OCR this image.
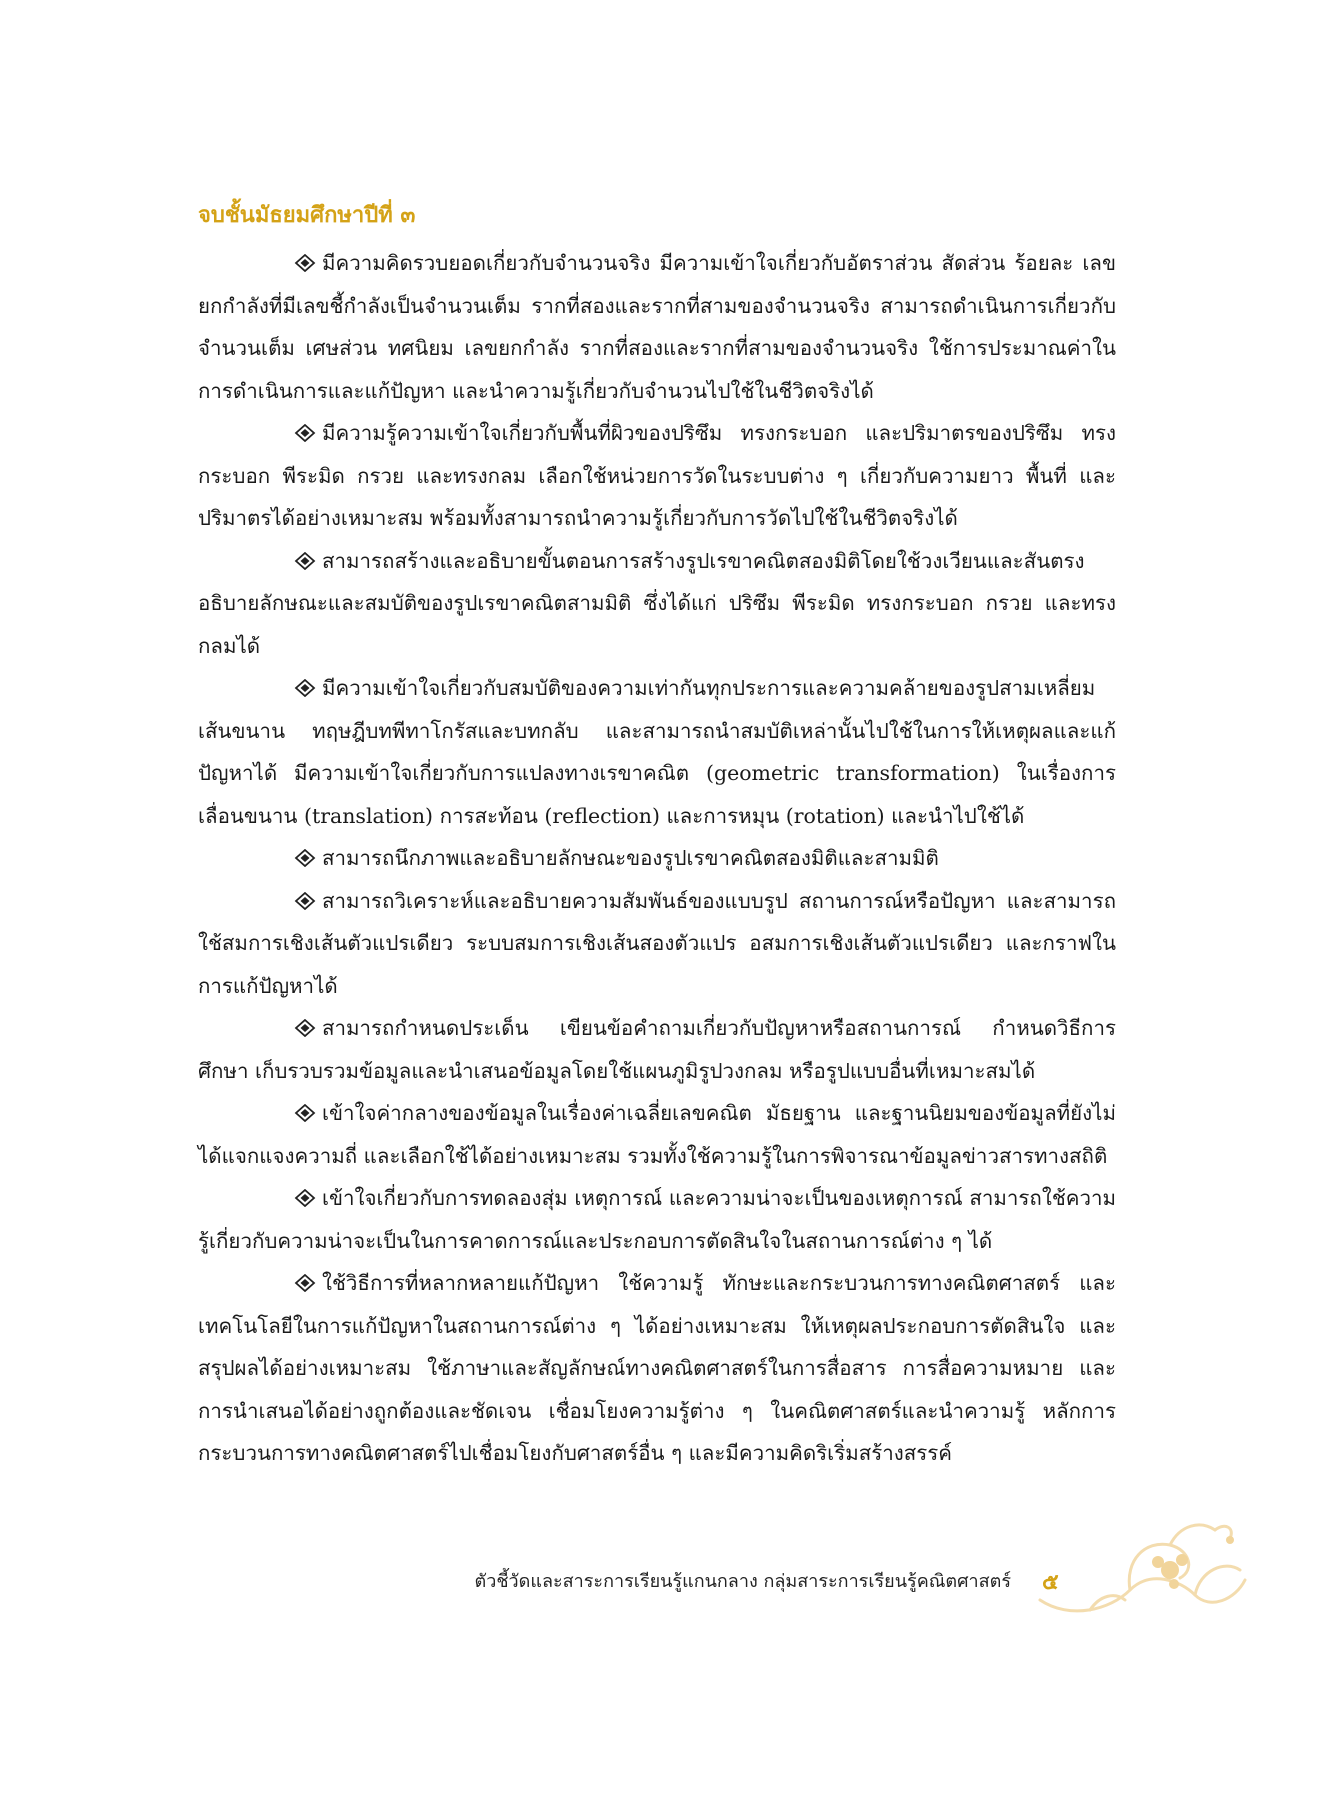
จบชั้นมัธยมศึกษาปีที่ ๓

มีความคิดรวบยอดเกี่ยวกับจำนวนจริง มีความเข้าใจเกี่ยวกับอัตราส่วน สัดส่วน ร้อยละ เลขยกกำลังที่มีเลขชี้กำลังเป็นจำนวนเต็ม รากที่สองและรากที่สามของจำนวนจริง สามารถดำเนินการเกี่ยวกับจำนวนเต็ม เศษส่วน ทศนิยม เลขยกกำลัง รากที่สองและรากที่สามของจำนวนจริง ใช้การประมาณค่าในการดำเนินการและแก้ปัญหา และนำความรู้เกี่ยวกับจำนวนไปใช้ในชีวิตจริงได้

มีความรู้ความเข้าใจเกี่ยวกับพื้นที่ผิวของปริซึม ทรงกระบอก และปริมาตรของปริซึม ทรงกระบอก พีระมิด กรวย และทรงกลม เลือกใช้หน่วยการวัดในระบบต่าง ๆ เกี่ยวกับความยาว พื้นที่ และปริมาตรได้อย่างเหมาะสม พร้อมทั้งสามารถนำความรู้เกี่ยวกับการวัดไปใช้ในชีวิตจริงได้

สามารถสร้างและอธิบายขั้นตอนการสร้างรูปเรขาคณิตสองมิติโดยใช้วงเวียนและสันตรง อธิบายลักษณะและสมบัติของรูปเรขาคณิตสามมิติ ซึ่งได้แก่ ปริซึม พีระมิด ทรงกระบอก กรวย และทรงกลมได้

มีความเข้าใจเกี่ยวกับสมบัติของความเท่ากันทุกประการและความคล้ายของรูปสามเหลี่ยม เส้นขนาน ทฤษฎีบทพีทาโกรัสและบทกลับ และสามารถนำสมบัติเหล่านั้นไปใช้ในการให้เหตุผลและแก้ปัญหาได้ มีความเข้าใจเกี่ยวกับการแปลงทางเรขาคณิต (geometric transformation) ในเรื่องการเลื่อนขนาน (translation) การสะท้อน (reflection) และการหมุน (rotation) และนำไปใช้ได้

สามารถนึกภาพและอธิบายลักษณะของรูปเรขาคณิตสองมิติและสามมิติ

สามารถวิเคราะห์และอธิบายความสัมพันธ์ของแบบรูป สถานการณ์หรือปัญหา และสามารถใช้สมการเชิงเส้นตัวแปรเดียว ระบบสมการเชิงเส้นสองตัวแปร อสมการเชิงเส้นตัวแปรเดียว และกราฟในการแก้ปัญหาได้

สามารถกำหนดประเด็น เขียนข้อคำถามเกี่ยวกับปัญหาหรือสถานการณ์ กำหนดวิธีการศึกษา เก็บรวบรวมข้อมูลและนำเสนอข้อมูลโดยใช้แผนภูมิรูปวงกลม หรือรูปแบบอื่นที่เหมาะสมได้

เข้าใจค่ากลางของข้อมูลในเรื่องค่าเฉลี่ยเลขคณิต มัธยฐาน และฐานนิยมของข้อมูลที่ยังไม่ได้แจกแจงความถี่ และเลือกใช้ได้อย่างเหมาะสม รวมทั้งใช้ความรู้ในการพิจารณาข้อมูลข่าวสารทางสถิติ

เข้าใจเกี่ยวกับการทดลองสุ่ม เหตุการณ์ และความน่าจะเป็นของเหตุการณ์ สามารถใช้ความรู้เกี่ยวกับความน่าจะเป็นในการคาดการณ์และประกอบการตัดสินใจในสถานการณ์ต่าง ๆ ได้

ใช้วิธีการที่หลากหลายแก้ปัญหา ใช้ความรู้ ทักษะและกระบวนการทางคณิตศาสตร์ และเทคโนโลยีในการแก้ปัญหาในสถานการณ์ต่าง ๆ ได้อย่างเหมาะสม ให้เหตุผลประกอบการตัดสินใจ และสรุปผลได้อย่างเหมาะสม ใช้ภาษาและสัญลักษณ์ทางคณิตศาสตร์ในการสื่อสาร การสื่อความหมาย และการนำเสนอได้อย่างถูกต้องและชัดเจน เชื่อมโยงความรู้ต่าง ๆ ในคณิตศาสตร์และนำความรู้ หลักการ กระบวนการทางคณิตศาสตร์ไปเชื่อมโยงกับศาสตร์อื่น ๆ และมีความคิดริเริ่มสร้างสรรค์

ตัวชี้วัดและสาระการเรียนรู้แกนกลาง กลุ่มสาระการเรียนรู้คณิตศาสตร์ ๕
